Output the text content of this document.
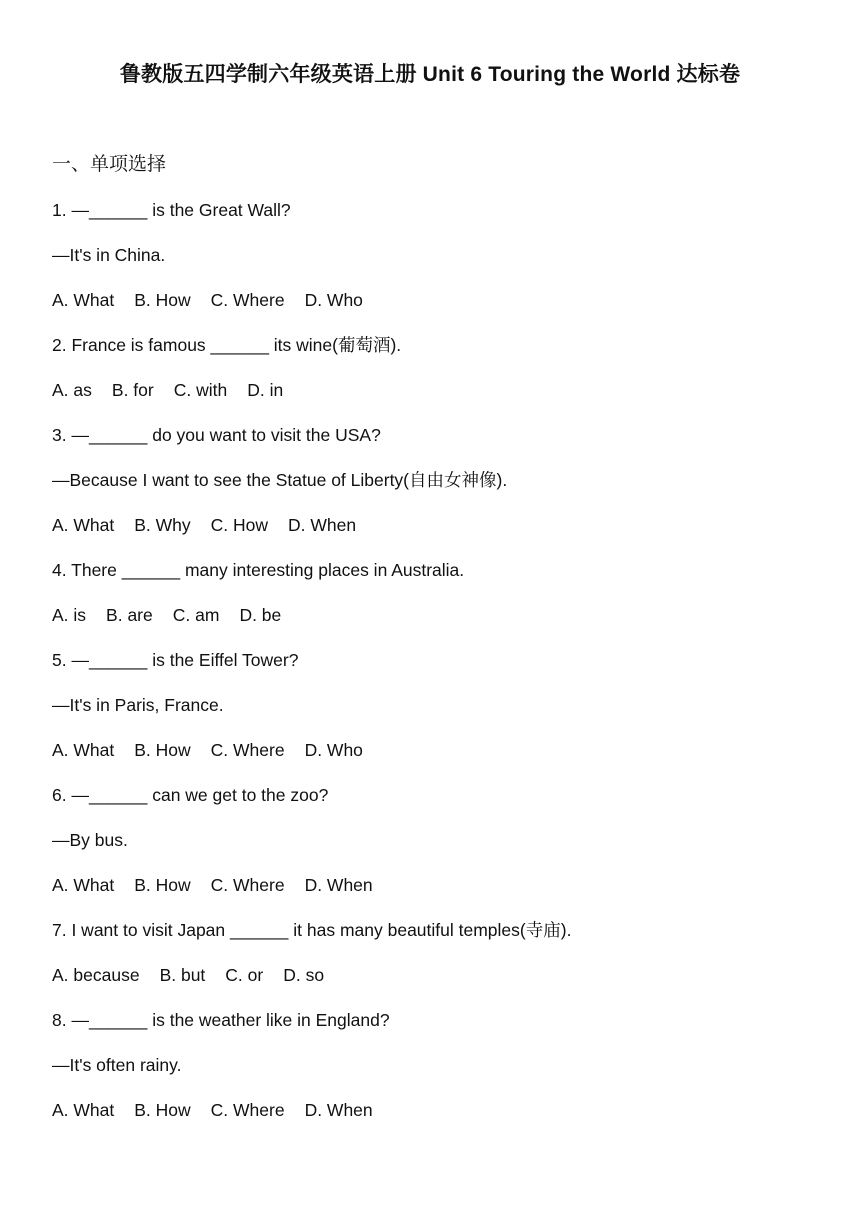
鲁教版五四学制六年级英语上册 Unit 6 Touring the World 达标卷
一、单项选择
1. —______ is the Great Wall?
—It's in China.
A. What B. How C. Where D. Who
2. France is famous ______ its wine(葡萄酒).
A. as B. for C. with D. in
3. —______ do you want to visit the USA?
—Because I want to see the Statue of Liberty(自由女神像).
A. What B. Why C. How D. When
4. There ______ many interesting places in Australia.
A. is B. are C. am D. be
5. —______ is the Eiffel Tower?
—It's in Paris, France.
A. What B. How C. Where D. Who
6. —______ can we get to the zoo?
—By bus.
A. What B. How C. Where D. When
7. I want to visit Japan ______ it has many beautiful temples(寺庙).
A. because B. but C. or D. so
8. —______ is the weather like in England?
—It's often rainy.
A. What B. How C. Where D. When
